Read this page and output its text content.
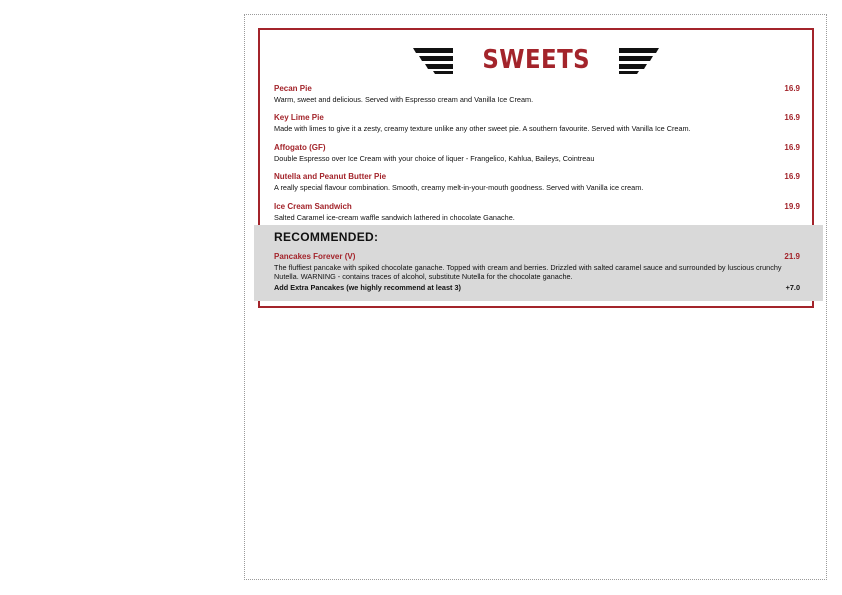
SWEETS
Pecan Pie	16.9
Warm, sweet and delicious. Served with Espresso cream and Vanilla Ice Cream.
Key Lime Pie	16.9
Made with limes to give it a zesty, creamy texture unlike any other sweet pie. A southern favourite. Served with Vanilla Ice Cream.
Affogato (GF)	16.9
Double Espresso over Ice Cream with your choice of liquer - Frangelico, Kahlua, Baileys, Cointreau
Nutella and Peanut Butter Pie	16.9
A really special flavour combination. Smooth, creamy melt-in-your-mouth goodness. Served with Vanilla ice cream.
Ice Cream Sandwich	19.9
Salted Caramel ice-cream waffle sandwich lathered in chocolate Ganache.
RECOMMENDED:
Pancakes Forever (V)	21.9
The fluffiest pancake with spiked chocolate ganache. Topped with cream and berries. Drizzled with salted caramel sauce and surrounded by luscious crunchy Nutella. WARNING - contains traces of alcohol, substitute Nutella for the chocolate ganache.
Add Extra Pancakes (we highly recommend at least 3)	+7.0
